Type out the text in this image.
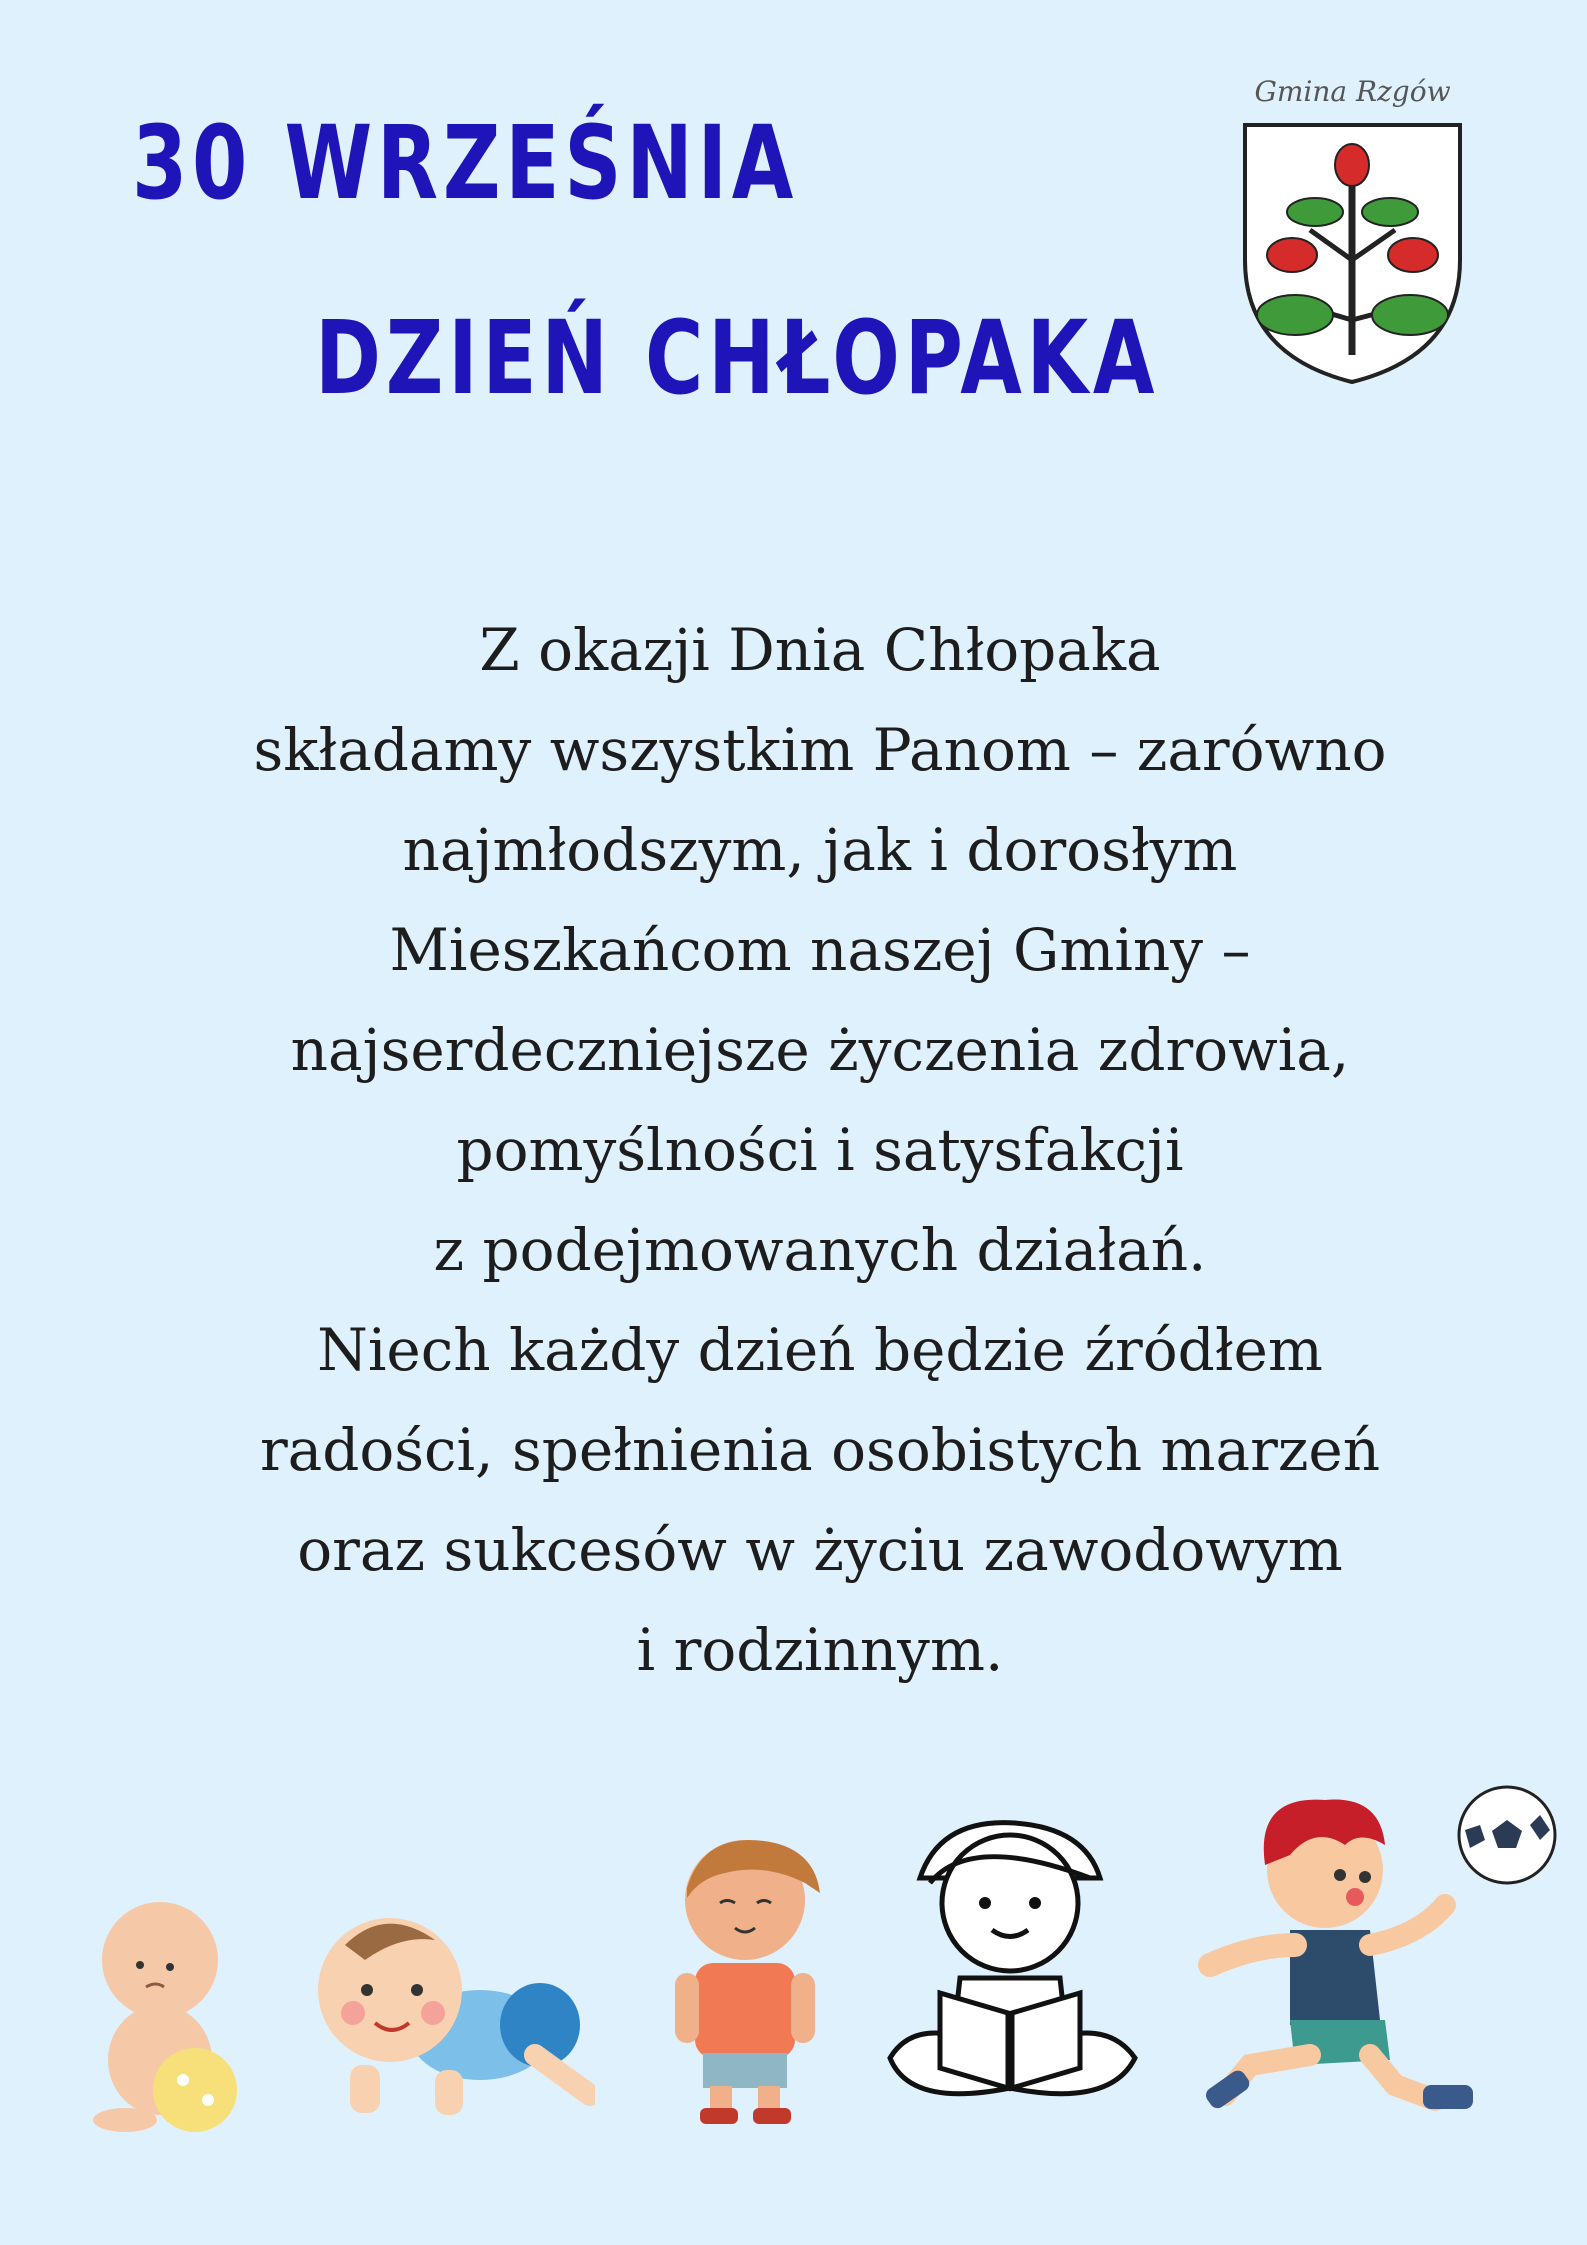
30 WRZEŚNIA
DZIEŃ CHŁOPAKA
Gmina Rzgów
Z okazji Dnia Chłopaka
składamy wszystkim Panom – zarówno
najmłodszym, jak i dorosłym
Mieszkańcom naszej Gminy –
najserdeczniejsze życzenia zdrowia,
pomyślności i satysfakcji
z podejmowanych działań.
Niech każdy dzień będzie źródłem
radości, spełnienia osobistych marzeń
oraz sukcesów w życiu zawodowym
i rodzinnym.
